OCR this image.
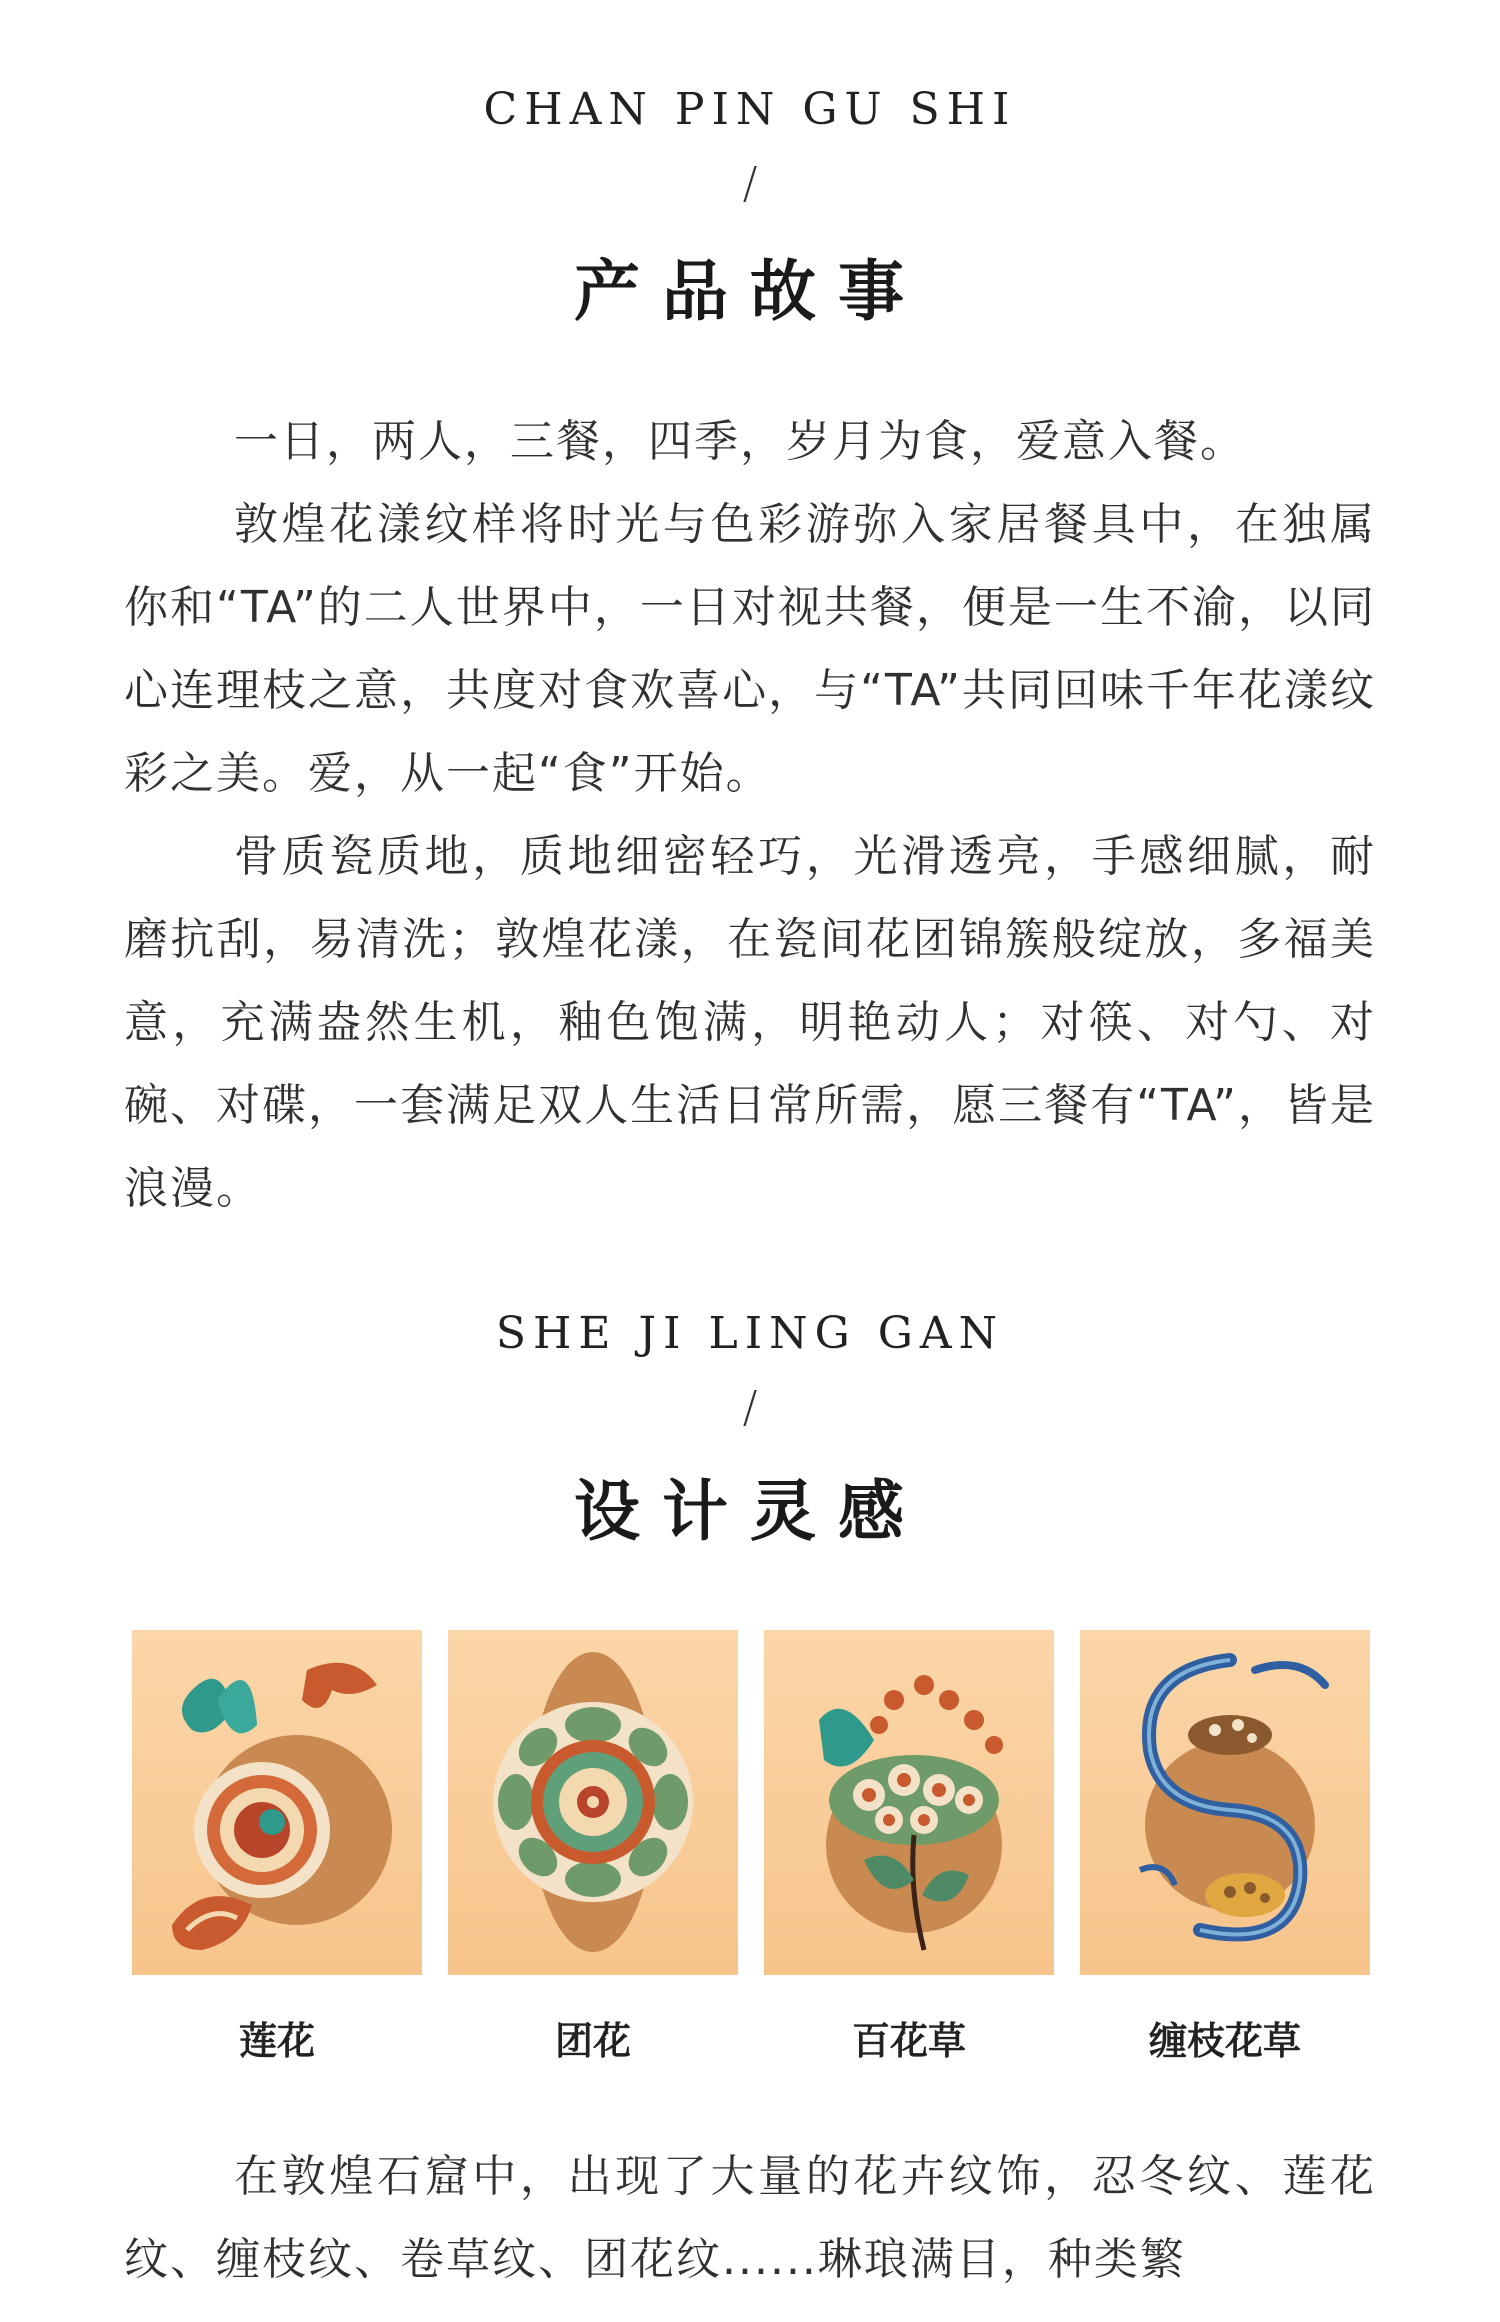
CHAN PIN GU SHI
/
产品故事

一日，两人，三餐，四季，岁月为食，爱意入餐。

敦煌花漾纹样将时光与色彩游弥入家居餐具中，在独属你和“TA”的二人世界中，一日对视共餐，便是一生不渝，以同心连理枝之意，共度对食欢喜心，与“TA”共同回味千年花漾纹彩之美。爱，从一起“食”开始。

骨质瓷质地，质地细密轻巧，光滑透亮，手感细腻，耐磨抗刮，易清洗；敦煌花漾，在瓷间花团锦簇般绽放，多福美意，充满盎然生机，釉色饱满，明艳动人；对筷、对勺、对碗、对碟，一套满足双人生活日常所需，愿三餐有“TA”，皆是浪漫。

SHE JI LING GAN
/
设计灵感
莲花	团花	百花草	缠枝花草

在敦煌石窟中，出现了大量的花卉纹饰，忍冬纹、莲花纹、缠枝纹、卷草纹、团花纹......琳琅满目，种类繁
